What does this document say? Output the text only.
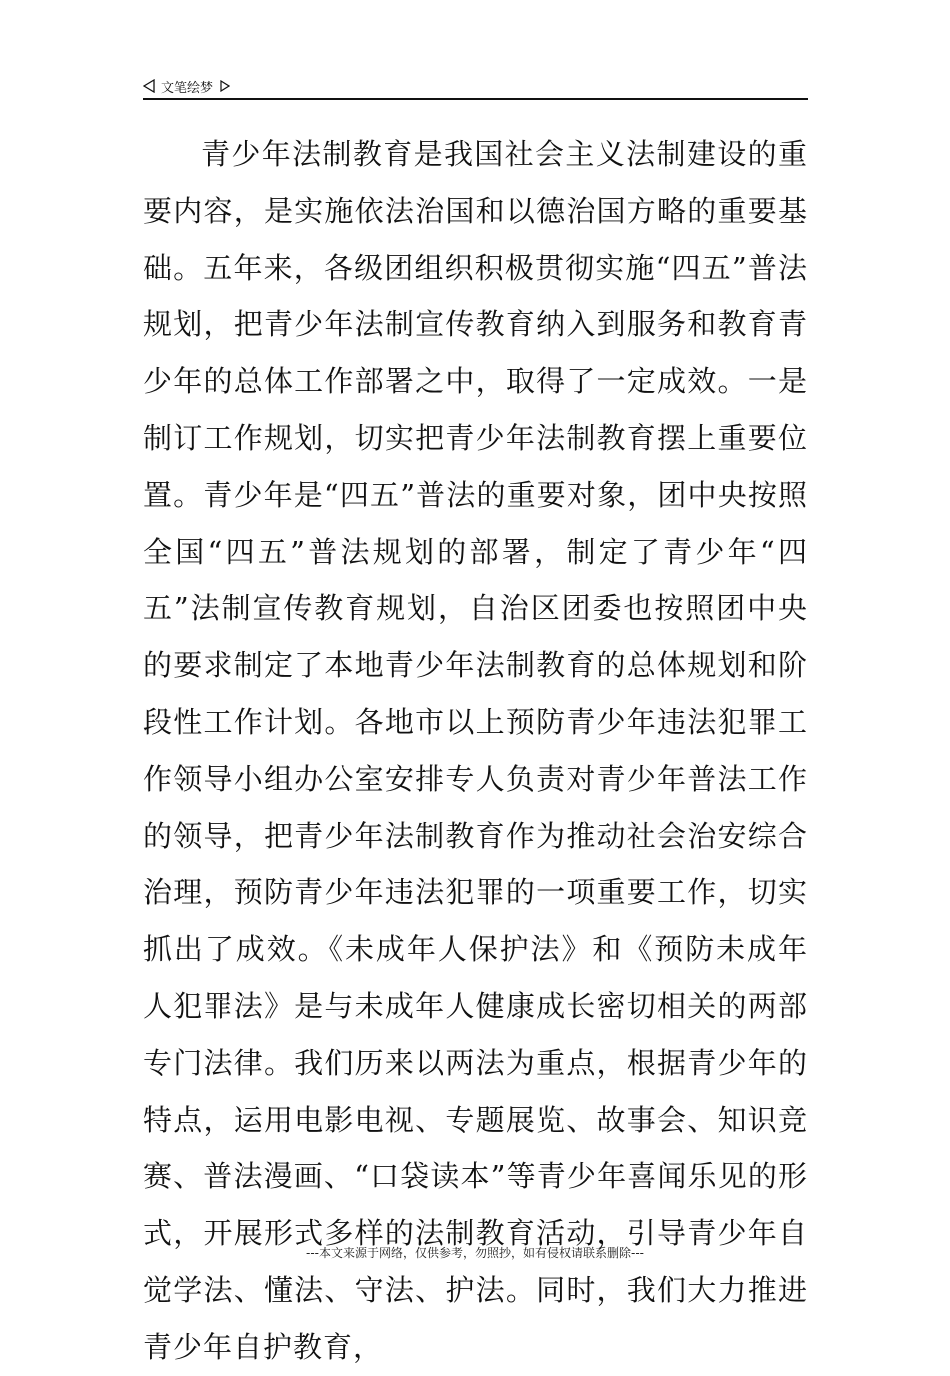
文笔绘梦

青少年法制教育是我国社会主义法制建设的重要内容，是实施依法治国和以德治国方略的重要基础。五年来，各级团组织积极贯彻实施“四五”普法规划，把青少年法制宣传教育纳入到服务和教育青少年的总体工作部署之中，取得了一定成效。一是制订工作规划，切实把青少年法制教育摆上重要位置。青少年是“四五”普法的重要对象，团中央按照全国“四五”普法规划的部署，制定了青少年“四五”法制宣传教育规划，自治区团委也按照团中央的要求制定了本地青少年法制教育的总体规划和阶段性工作计划。各地市以上预防青少年违法犯罪工作领导小组办公室安排专人负责对青少年普法工作的领导，把青少年法制教育作为推动社会治安综合治理，预防青少年违法犯罪的一项重要工作，切实抓出了成效。《未成年人保护法》和《预防未成年人犯罪法》是与未成年人健康成长密切相关的两部专门法律。我们历来以两法为重点，根据青少年的特点，运用电影电视、专题展览、故事会、知识竞赛、普法漫画、“口袋读本”等青少年喜闻乐见的形式，开展形式多样的法制教育活动，引导青少年自觉学法、懂法、守法、护法。同时，我们大力推进青少年自护教育，

---本文来源于网络，仅供参考，勿照抄，如有侵权请联系删除---
